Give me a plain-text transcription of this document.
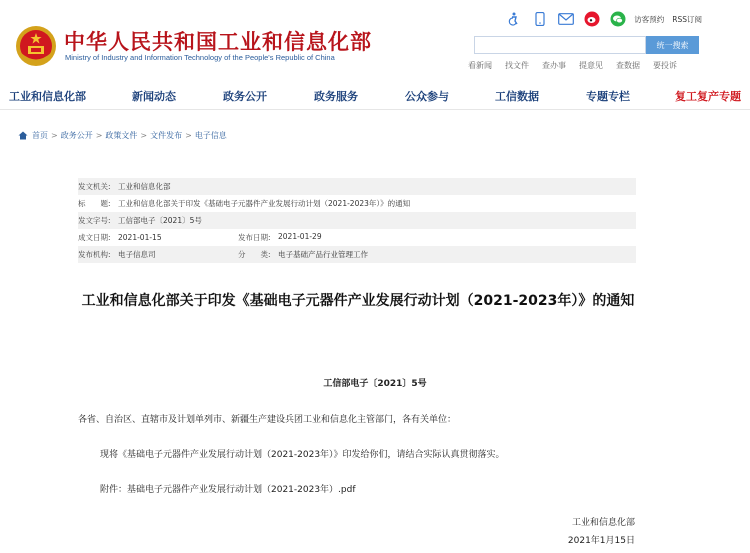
中华人民共和国工业和信息化部
Ministry of Industry and Information Technology of the People's Republic of China
访客预约 RSS订阅
统一搜索
看新闻 找文件 查办事 提意见 查数据 要投诉
工业和信息化部	新闻动态	政务公开	政务服务	公众参与	工信数据	专题专栏	复工复产专题
首页 > 政务公开 > 政策文件 > 文件发布 > 电子信息
发文机关: 工业和信息化部
标　　题: 工业和信息化部关于印发《基础电子元器件产业发展行动计划（2021-2023年）》的通知
发文字号: 工信部电子〔2021〕5号
成文日期: 2021-01-15	发布日期: 2021-01-29
发布机构: 电子信息司	分　　类: 电子基础产品行业管理工作
工业和信息化部关于印发《基础电子元器件产业发展行动计划（2021-2023年）》的通知
工信部电子〔2021〕5号
各省、自治区、直辖市及计划单列市、新疆生产建设兵团工业和信息化主管部门，各有关单位：
现将《基础电子元器件产业发展行动计划（2021-2023年）》印发给你们，请结合实际认真贯彻落实。
附件：基础电子元器件产业发展行动计划（2021-2023年）.pdf
工业和信息化部
2021年1月15日
